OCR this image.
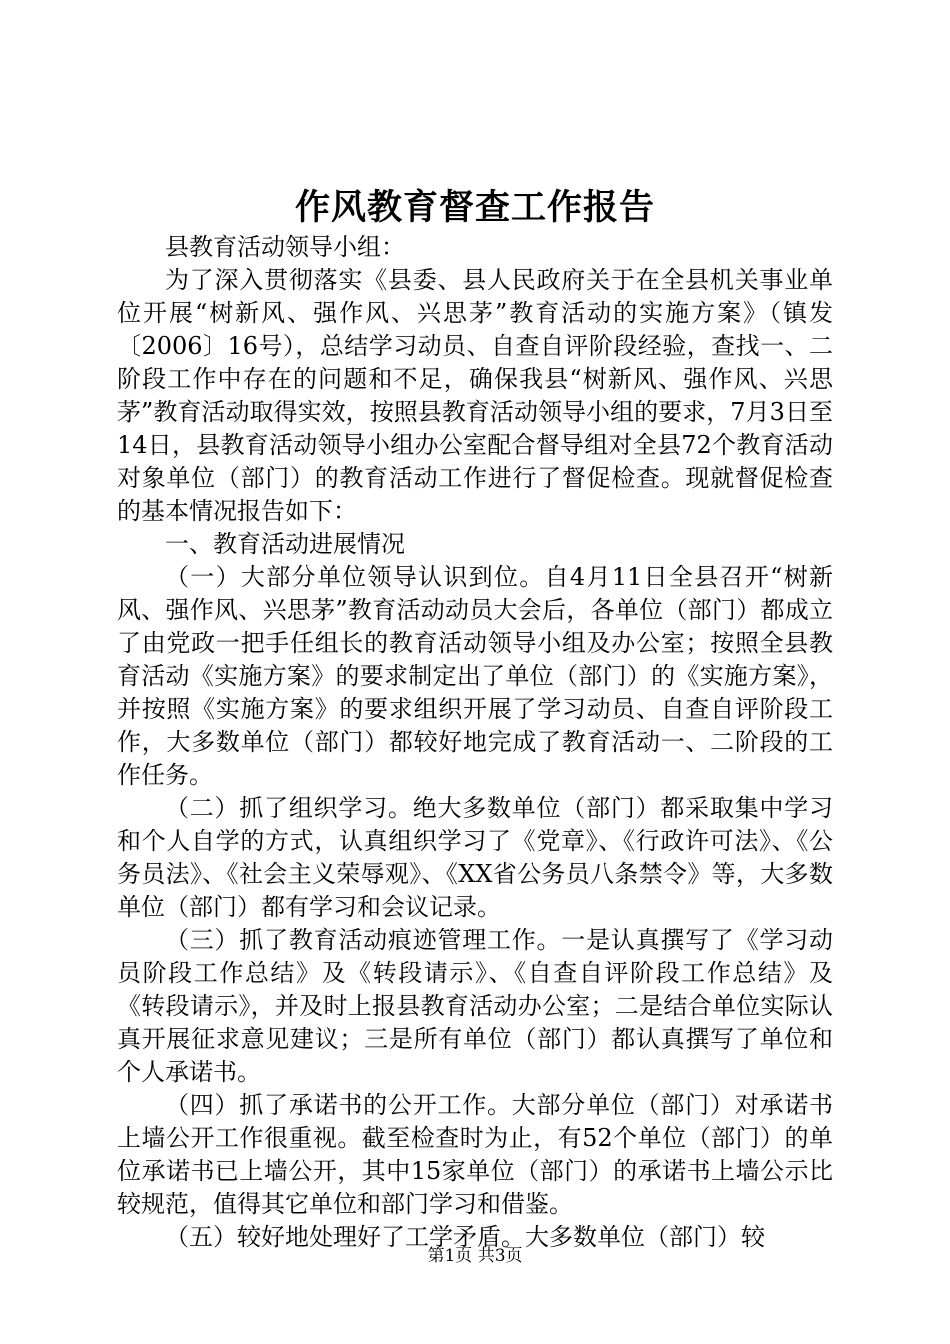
作风教育督查工作报告

县教育活动领导小组：

为了深入贯彻落实《县委、县人民政府关于在全县机关事业单位开展“树新风、强作风、兴思茅”教育活动的实施方案》（镇发〔2006〕16号），总结学习动员、自查自评阶段经验，查找一、二阶段工作中存在的问题和不足，确保我县“树新风、强作风、兴思茅”教育活动取得实效，按照县教育活动领导小组的要求，7月3日至14日，县教育活动领导小组办公室配合督导组对全县72个教育活动对象单位（部门）的教育活动工作进行了督促检查。现就督促检查的基本情况报告如下：

一、教育活动进展情况

（一）大部分单位领导认识到位。自4月11日全县召开“树新风、强作风、兴思茅”教育活动动员大会后，各单位（部门）都成立了由党政一把手任组长的教育活动领导小组及办公室；按照全县教育活动《实施方案》的要求制定出了单位（部门）的《实施方案》，并按照《实施方案》的要求组织开展了学习动员、自查自评阶段工作，大多数单位（部门）都较好地完成了教育活动一、二阶段的工作任务。

（二）抓了组织学习。绝大多数单位（部门）都采取集中学习和个人自学的方式，认真组织学习了《党章》、《行政许可法》、《公务员法》、《社会主义荣辱观》、《XX省公务员八条禁令》等，大多数单位（部门）都有学习和会议记录。

（三）抓了教育活动痕迹管理工作。一是认真撰写了《学习动员阶段工作总结》及《转段请示》、《自查自评阶段工作总结》及《转段请示》，并及时上报县教育活动办公室；二是结合单位实际认真开展征求意见建议；三是所有单位（部门）都认真撰写了单位和个人承诺书。

（四）抓了承诺书的公开工作。大部分单位（部门）对承诺书上墙公开工作很重视。截至检查时为止，有52个单位（部门）的单位承诺书已上墙公开，其中15家单位（部门）的承诺书上墙公示比较规范，值得其它单位和部门学习和借鉴。

（五）较好地处理好了工学矛盾。大多数单位（部门）较

第1页 共3页
